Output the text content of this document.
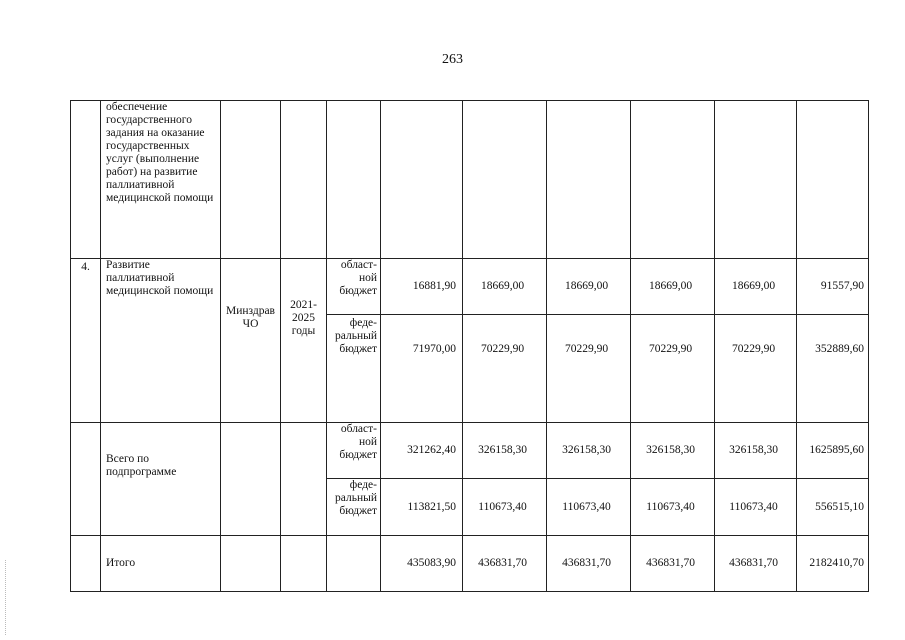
263

	обеспечение государственного задания на оказание государственных услуг (выполнение работ) на развитие паллиативной медицинской помощи									

4.	Развитие паллиативной медицинской помощи	Минздрав ЧО	2021-2025 годы	област-ной бюджет	16881,90	18669,00	18669,00	18669,00	18669,00	91557,90
				феде-ральный бюджет	71970,00	70229,90	70229,90	70229,90	70229,90	352889,60

	Всего по подпрограмме			област-ной бюджет	321262,40	326158,30	326158,30	326158,30	326158,30	1625895,60
				феде-ральный бюджет	113821,50	110673,40	110673,40	110673,40	110673,40	556515,10
	Итого				435083,90	436831,70	436831,70	436831,70	436831,70	2182410,70
